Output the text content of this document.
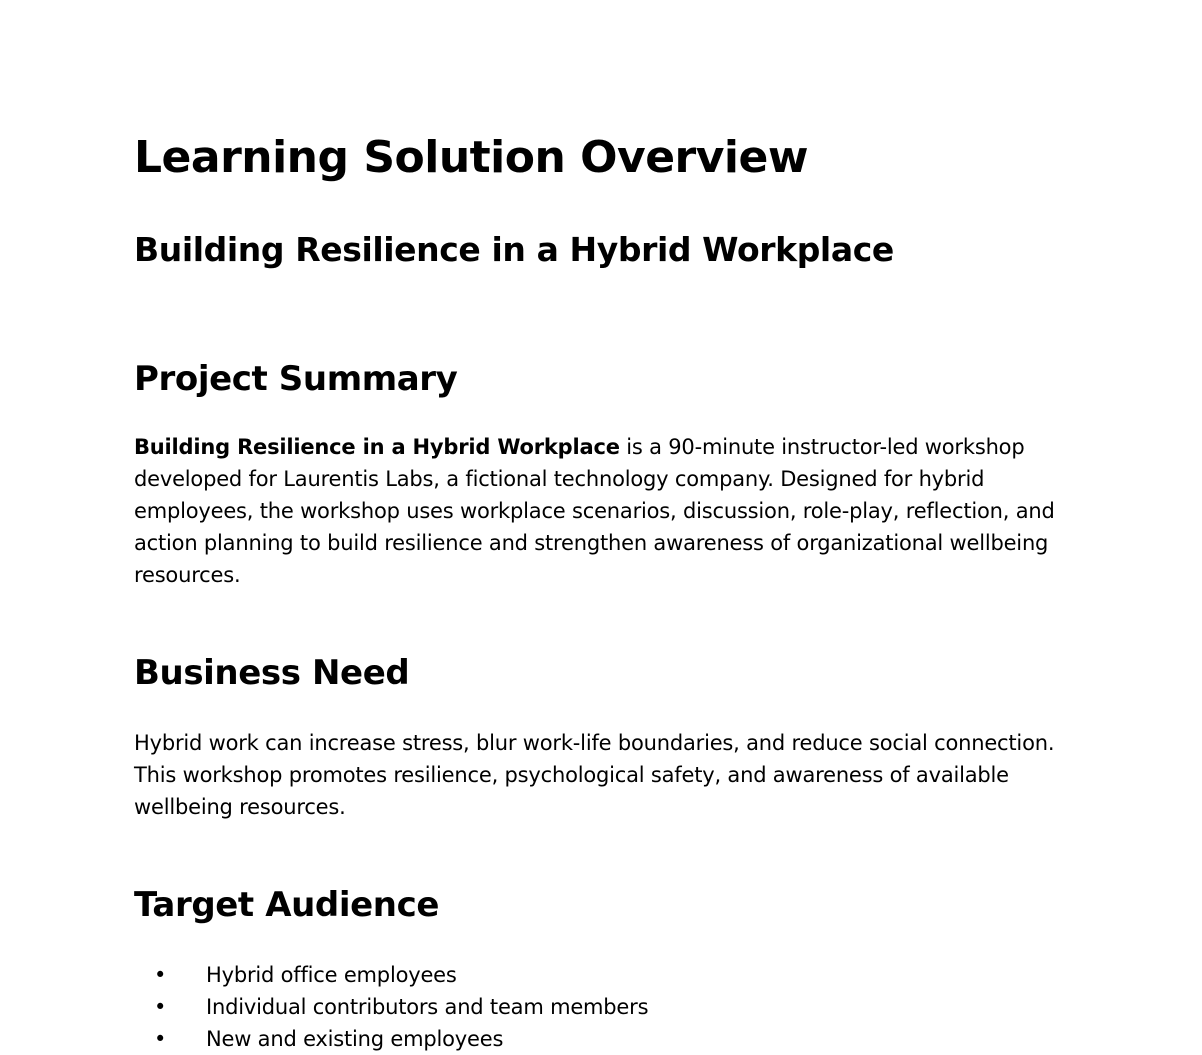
Learning Solution Overview
Building Resilience in a Hybrid Workplace
Project Summary

Building Resilience in a Hybrid Workplace is a 90-minute instructor-led workshop developed for Laurentis Labs, a fictional technology company. Designed for hybrid employees, the workshop uses workplace scenarios, discussion, role-play, reflection, and action planning to build resilience and strengthen awareness of organizational wellbeing resources.

Business Need

Hybrid work can increase stress, blur work-life boundaries, and reduce social connection. This workshop promotes resilience, psychological safety, and awareness of available wellbeing resources.

Target Audience
• Hybrid office employees
• Individual contributors and team members
• New and existing employees
